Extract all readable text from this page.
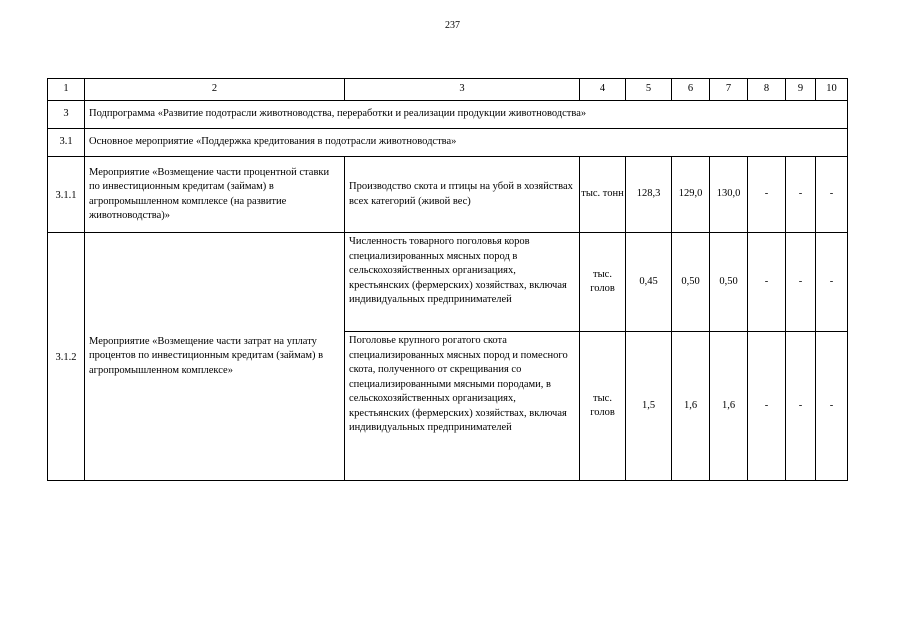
237
1	2	3	4	5	6	7	8	9	10
3	Подпрограмма «Развитие подотрасли животноводства, переработки и реализации продукции животноводства»								
3.1	Основное мероприятие «Поддержка кредитования в подотрасли животноводства»								
3.1.1	Мероприятие «Возмещение части процентной ставки по инвестиционным кредитам (займам) в агропромышленном комплексе (на развитие животноводства)»	Производство скота и птицы на убой в хозяйствах всех категорий (живой вес)	тыс. тонн	128,3	129,0	130,0	-	-	-
3.1.2	Мероприятие «Возмещение части затрат на уплату процентов по инвестиционным кредитам (займам) в агропромышленном комплексе»	Численность товарного поголовья коров специализированных мясных пород в сельскохозяйственных организациях, крестьянских (фермерских) хозяйствах, включая индивидуальных предпринимателей	тыс. голов	0,45	0,50	0,50	-	-	-
		Поголовье крупного рогатого скота специализированных мясных пород и помесного скота, полученного от скрещивания со специализированными мясными породами, в сельскохозяйственных организациях, крестьянских (фермерских) хозяйствах, включая индивидуальных предпринимателей	тыс. голов	1,5	1,6	1,6	-	-	-
